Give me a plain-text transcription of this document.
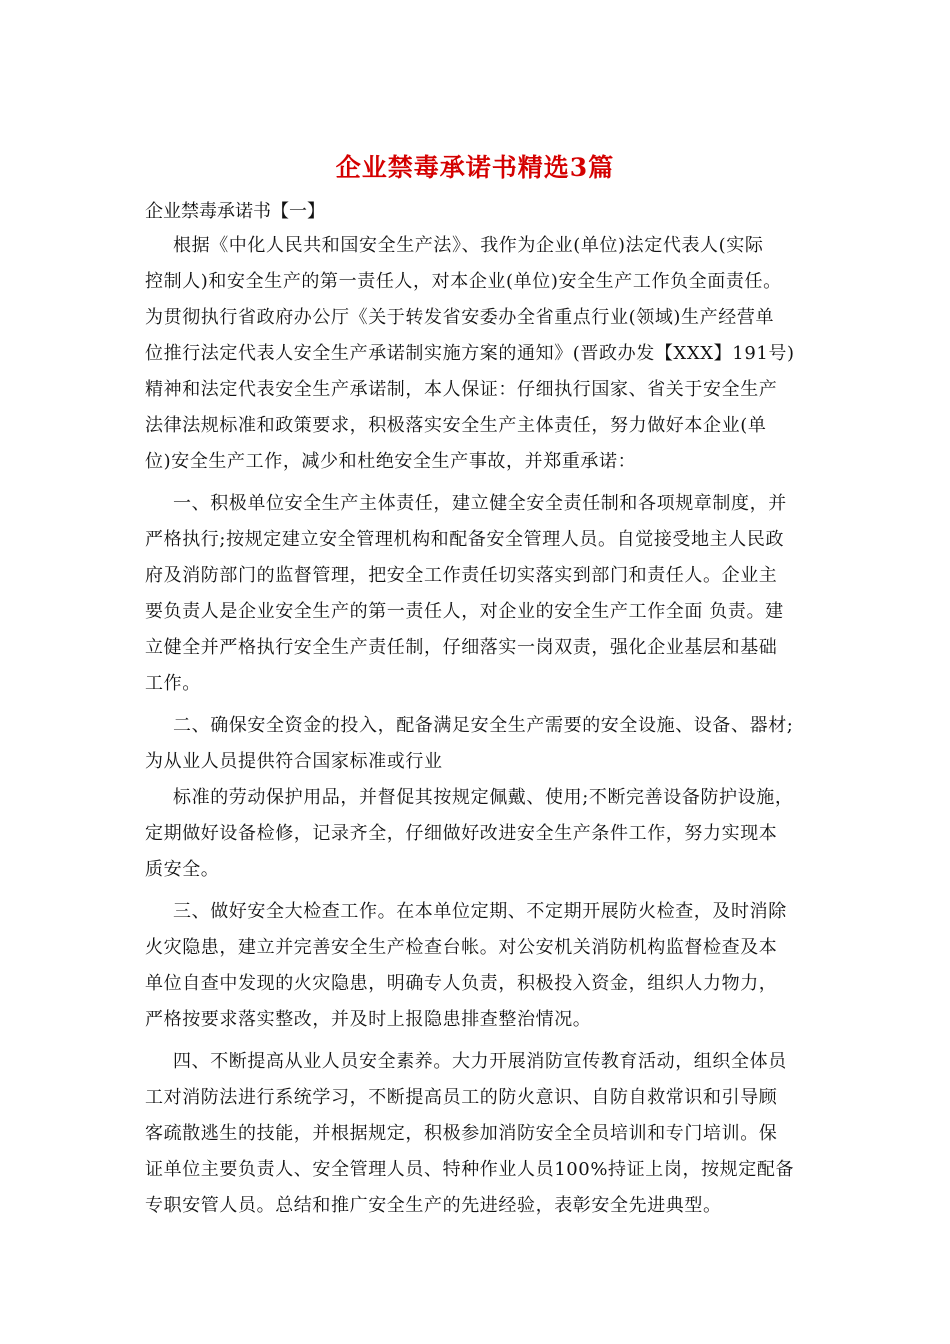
企业禁毒承诺书精选3篇
企业禁毒承诺书【一】
根据《中化人民共和国安全生产法》、我作为企业(单位)法定代表人(实际
控制人)和安全生产的第一责任人，对本企业(单位)安全生产工作负全面责任。
为贯彻执行省政府办公厅《关于转发省安委办全省重点行业(领域)生产经营单
位推行法定代表人安全生产承诺制实施方案的通知》(晋政办发【XXX】191号)
精神和法定代表安全生产承诺制，本人保证：仔细执行国家、省关于安全生产
法律法规标准和政策要求，积极落实安全生产主体责任，努力做好本企业(单
位)安全生产工作，减少和杜绝安全生产事故，并郑重承诺：
一、积极单位安全生产主体责任，建立健全安全责任制和各项规章制度，并
严格执行;按规定建立安全管理机构和配备安全管理人员。自觉接受地主人民政
府及消防部门的监督管理，把安全工作责任切实落实到部门和责任人。企业主
要负责人是企业安全生产的第一责任人，对企业的安全生产工作全面 负责。建
立健全并严格执行安全生产责任制，仔细落实一岗双责，强化企业基层和基础
工作。
二、确保安全资金的投入，配备满足安全生产需要的安全设施、设备、器材;
为从业人员提供符合国家标准或行业
标准的劳动保护用品，并督促其按规定佩戴、使用;不断完善设备防护设施，
定期做好设备检修，记录齐全，仔细做好改进安全生产条件工作，努力实现本
质安全。
三、做好安全大检查工作。在本单位定期、不定期开展防火检查，及时消除
火灾隐患，建立并完善安全生产检查台帐。对公安机关消防机构监督检查及本
单位自查中发现的火灾隐患，明确专人负责，积极投入资金，组织人力物力，
严格按要求落实整改，并及时上报隐患排查整治情况。
四、不断提高从业人员安全素养。大力开展消防宣传教育活动，组织全体员
工对消防法进行系统学习，不断提高员工的防火意识、自防自救常识和引导顾
客疏散逃生的技能，并根据规定，积极参加消防安全全员培训和专门培训。保
证单位主要负责人、安全管理人员、特种作业人员100%持证上岗，按规定配备
专职安管人员。总结和推广安全生产的先进经验，表彰安全先进典型。
